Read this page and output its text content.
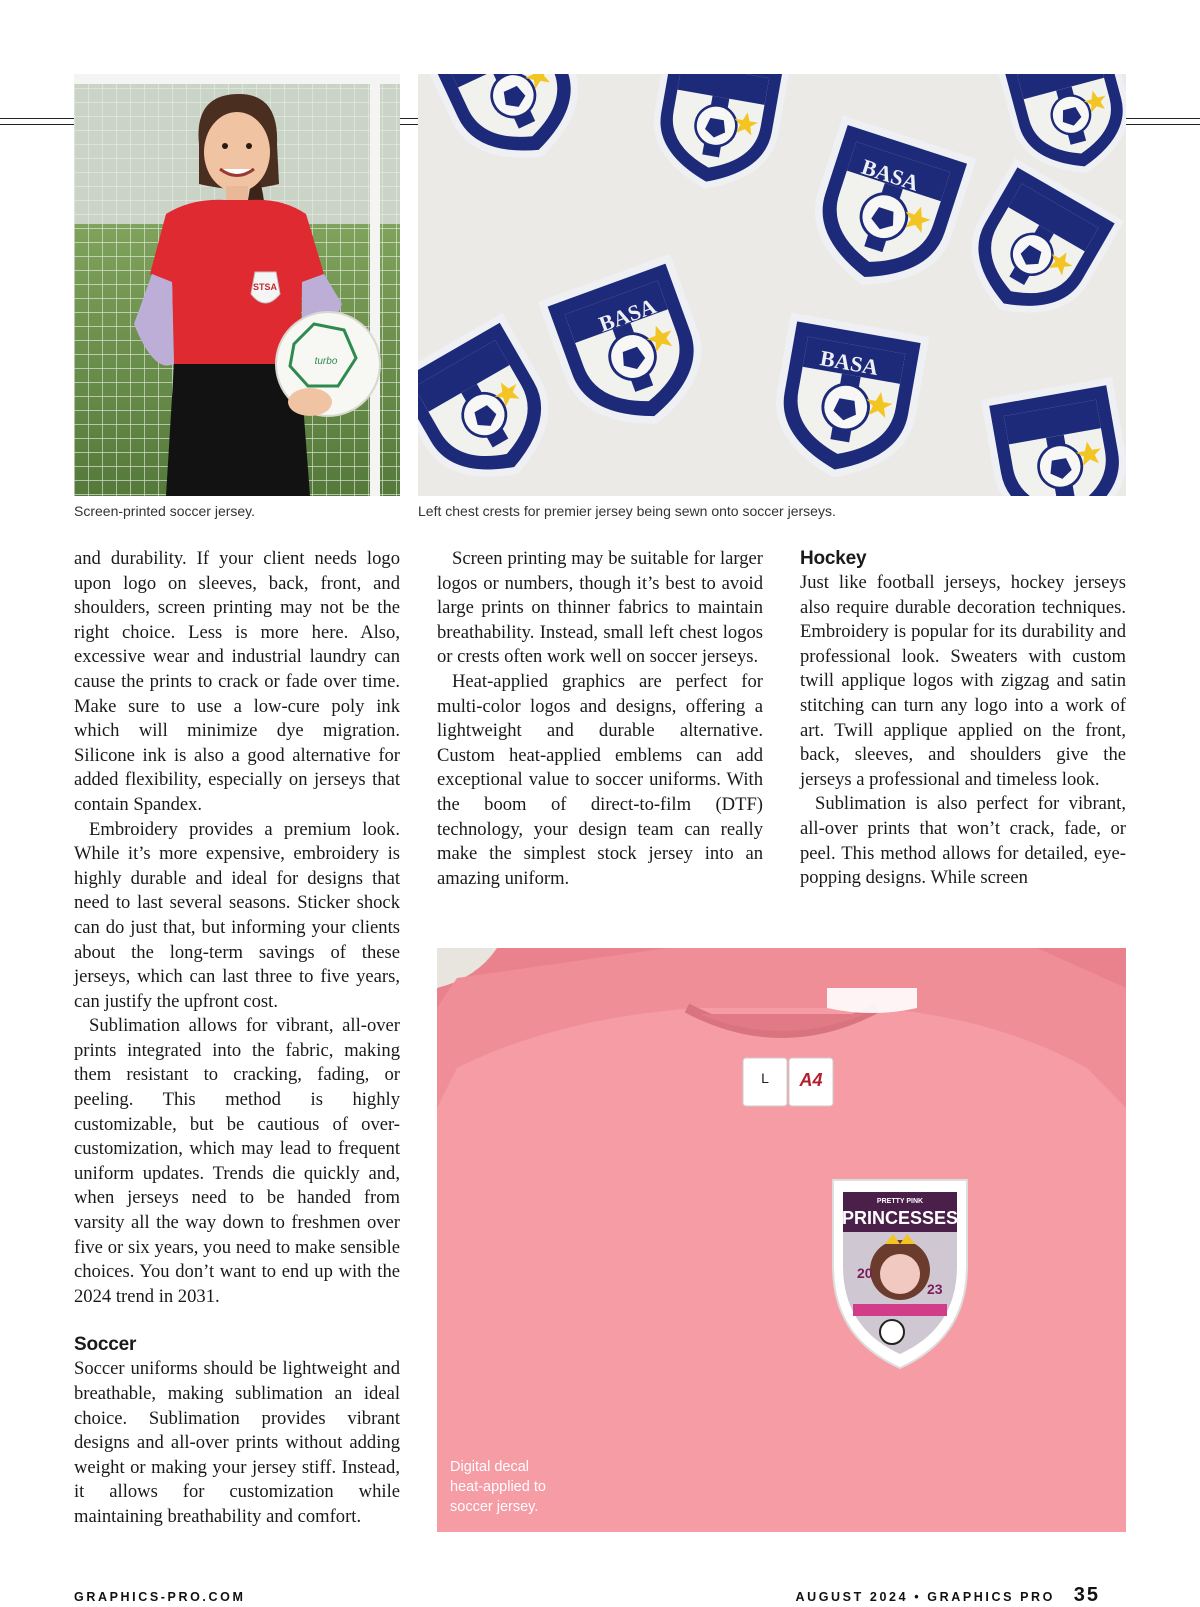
STSA
turbo
Screen-printed soccer jersey.
BASA
BASA
BASA
Left chest crests for premier jersey being sewn onto soccer jerseys.

and durability. If your client needs logo upon logo on sleeves, back, front, and shoulders, screen printing may not be the right choice. Less is more here. Also, excessive wear and industrial laundry can cause the prints to crack or fade over time. Make sure to use a low-cure poly ink which will minimize dye migration. Silicone ink is also a good alternative for added flexibility, especially on jerseys that contain Spandex.

Embroidery provides a premium look. While it’s more expensive, embroidery is highly durable and ideal for designs that need to last several seasons. Sticker shock can do just that, but informing your clients about the long-term savings of these jerseys, which can last three to five years, can justify the upfront cost.

Sublimation allows for vibrant, all-over prints integrated into the fabric, making them resistant to cracking, fading, or peeling. This method is highly customizable, but be cautious of over-customization, which may lead to frequent uniform updates. Trends die quickly and, when jerseys need to be handed from varsity all the way down to freshmen over five or six years, you need to make sensible choices. You don’t want to end up with the 2024 trend in 2031.

Soccer

Soccer uniforms should be lightweight and breathable, making sublimation an ideal choice. Sublimation provides vibrant designs and all-over prints without adding weight or making your jersey stiff. Instead, it allows for customization while maintaining breathability and comfort.

Screen printing may be suitable for larger logos or numbers, though it’s best to avoid large prints on thinner fabrics to maintain breathability. Instead, small left chest logos or crests often work well on soccer jerseys.

Heat-applied graphics are perfect for multi-color logos and designs, offering a lightweight and durable alternative. Custom heat-applied emblems can add exceptional value to soccer uniforms. With the boom of direct-to-film (DTF) technology, your design team can really make the simplest stock jersey into an amazing uniform.

Hockey

Just like football jerseys, hockey jerseys also require durable decoration techniques. Embroidery is popular for its durability and professional look. Sweaters with custom twill applique logos with zigzag and satin stitching can turn any logo into a work of art. Twill applique applied on the front, back, sleeves, and shoulders give the jerseys a professional and timeless look.

Sublimation is also perfect for vibrant, all-over prints that won’t crack, fade, or peel. This method allows for detailed, eye-popping designs. While screen

L A4
PRETTY PINK
PRINCESSES
20
23
Digital decal
heat-applied to
soccer jersey.
GRAPHICS-PRO.COM	AUGUST 2024 • GRAPHICS PRO 35
